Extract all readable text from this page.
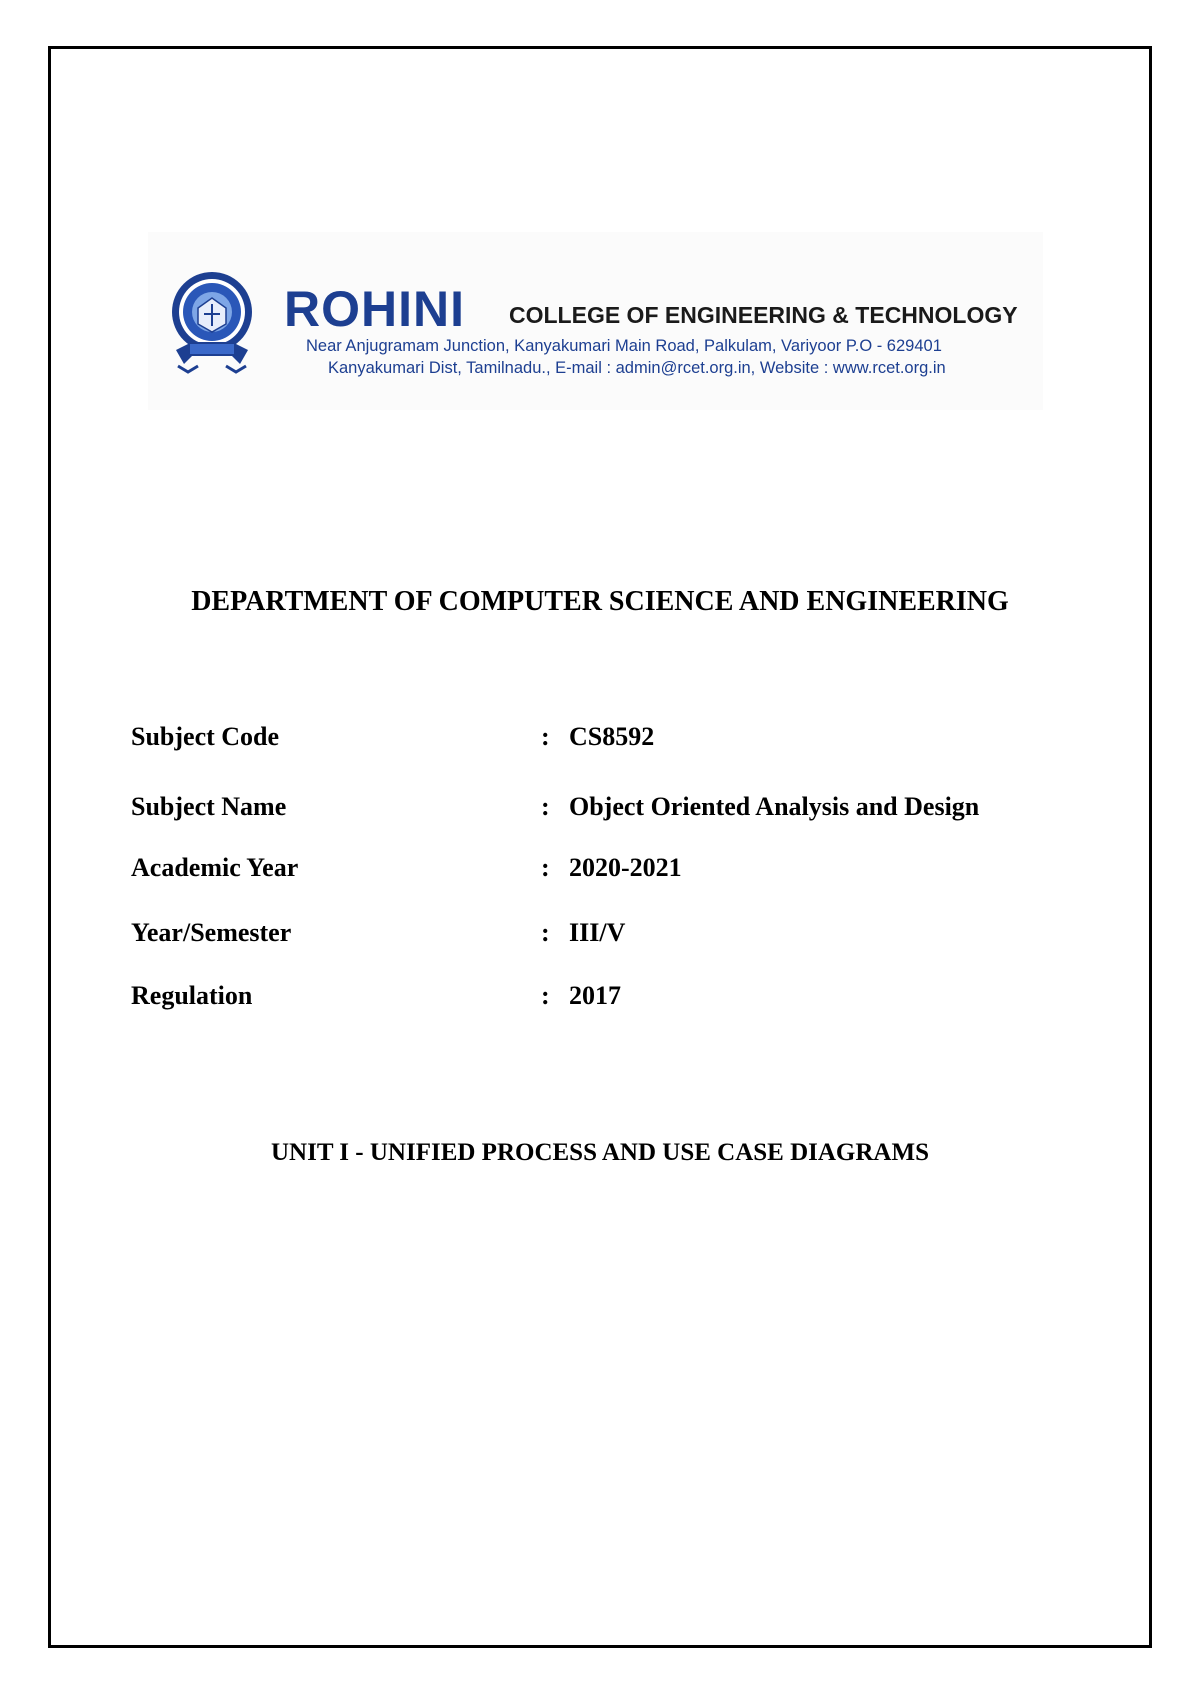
ROHINI COLLEGE OF ENGINEERING & TECHNOLOGY
Near Anjugramam Junction, Kanyakumari Main Road, Palkulam, Variyoor P.O - 629401
Kanyakumari Dist, Tamilnadu., E-mail : admin@rcet.org.in, Website : www.rcet.org.in
DEPARTMENT OF COMPUTER SCIENCE AND ENGINEERING
Subject Code	: CS8592
Subject Name	: Object Oriented Analysis and Design
Academic Year	: 2020-2021
Year/Semester	: III/V
Regulation	: 2017
UNIT I - UNIFIED PROCESS AND USE CASE DIAGRAMS
